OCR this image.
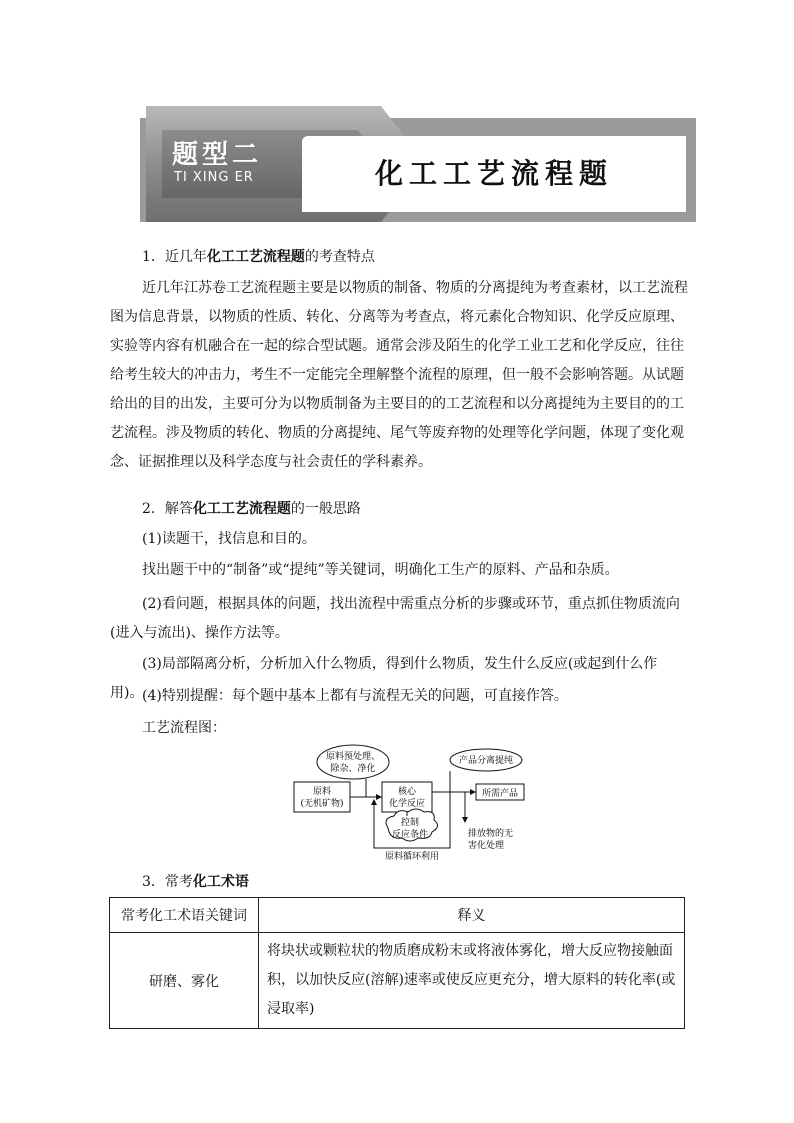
题型二
TI XING ER	化工工艺流程题
1．近几年化工工艺流程题的考查特点
近几年江苏卷工艺流程题主要是以物质的制备、物质的分离提纯为考查素材，以工艺流程图为信息背景，以物质的性质、转化、分离等为考查点，将元素化合物知识、化学反应原理、实验等内容有机融合在一起的综合型试题。通常会涉及陌生的化学工业工艺和化学反应，往往给考生较大的冲击力，考生不一定能完全理解整个流程的原理，但一般不会影响答题。从试题给出的目的出发，主要可分为以物质制备为主要目的的工艺流程和以分离提纯为主要目的的工艺流程。涉及物质的转化、物质的分离提纯、尾气等废弃物的处理等化学问题，体现了变化观念、证据推理以及科学态度与社会责任的学科素养。
2．解答化工工艺流程题的一般思路
(1)读题干，找信息和目的。
找出题干中的“制备”或“提纯”等关键词，明确化工生产的原料、产品和杂质。
(2)看问题，根据具体的问题，找出流程中需重点分析的步骤或环节，重点抓住物质流向(进入与流出)、操作方法等。
(3)局部隔离分析，分析加入什么物质，得到什么物质，发生什么反应(或起到什么作用)。
(4)特别提醒：每个题中基本上都有与流程无关的问题，可直接作答。
工艺流程图：
原料预处理、
除杂、净化
原料
(无机矿物)
核心
化学反应
产品分离提纯
所需产品
控制
反应条件	排放物的无
害化处理
原料循环利用
3．常考化工术语
常考化工术语关键词	释义
研磨、雾化	将块状或颗粒状的物质磨成粉末或将液体雾化，增大反应物接触面积，以加快反应(溶解)速率或使反应更充分，增大原料的转化率(或浸取率)
